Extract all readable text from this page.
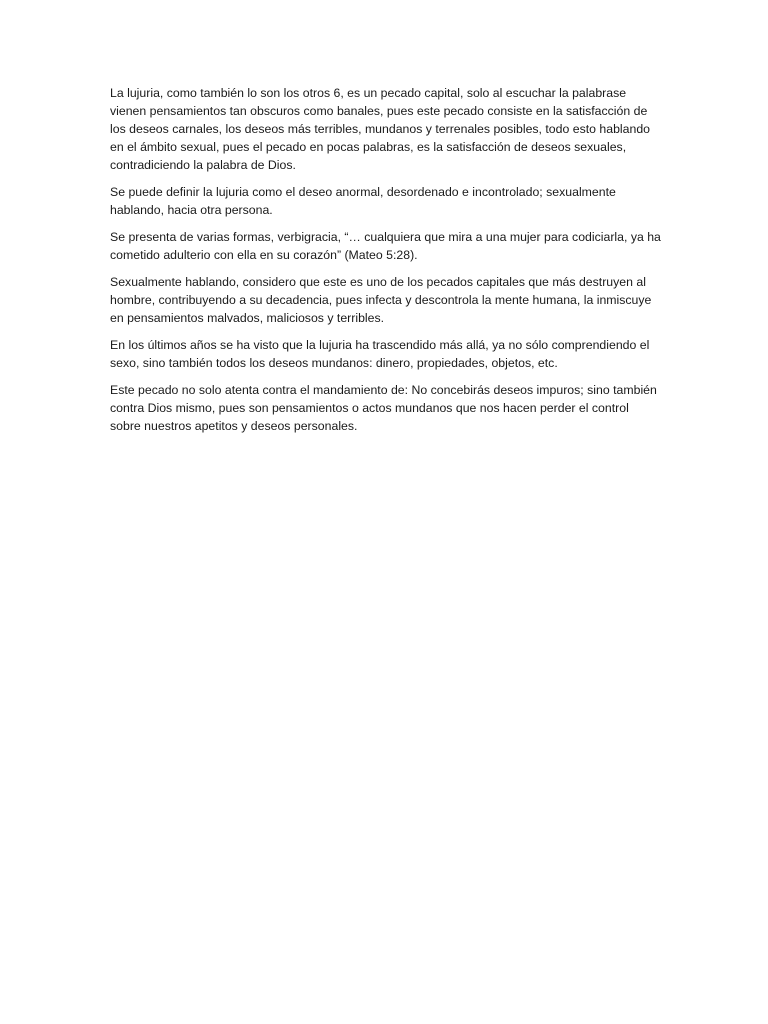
La lujuria, como también lo son los otros 6, es un pecado capital, solo al escuchar la palabrase vienen pensamientos tan obscuros como banales, pues este pecado consiste en la satisfacción de los deseos carnales, los deseos más terribles, mundanos y terrenales posibles, todo esto hablando en el ámbito sexual, pues el pecado en pocas palabras, es la satisfacción de deseos sexuales, contradiciendo la palabra de Dios.

Se puede definir la lujuria como el deseo anormal, desordenado e incontrolado; sexualmente hablando, hacia otra persona.

Se presenta de varias formas, verbigracia, “… cualquiera que mira a una mujer para codiciarla, ya ha cometido adulterio con ella en su corazón” (Mateo 5:28).

Sexualmente hablando, considero que este es uno de los pecados capitales que más destruyen al hombre, contribuyendo a su decadencia, pues infecta y descontrola la mente humana, la inmiscuye en pensamientos malvados, maliciosos y terribles.

En los últimos años se ha visto que la lujuria ha trascendido más allá, ya no sólo comprendiendo el sexo, sino también todos los deseos mundanos: dinero, propiedades, objetos, etc.

Este pecado no solo atenta contra el mandamiento de: No concebirás deseos impuros; sino también contra Dios mismo, pues son pensamientos o actos mundanos que nos hacen perder el control sobre nuestros apetitos y deseos personales.
